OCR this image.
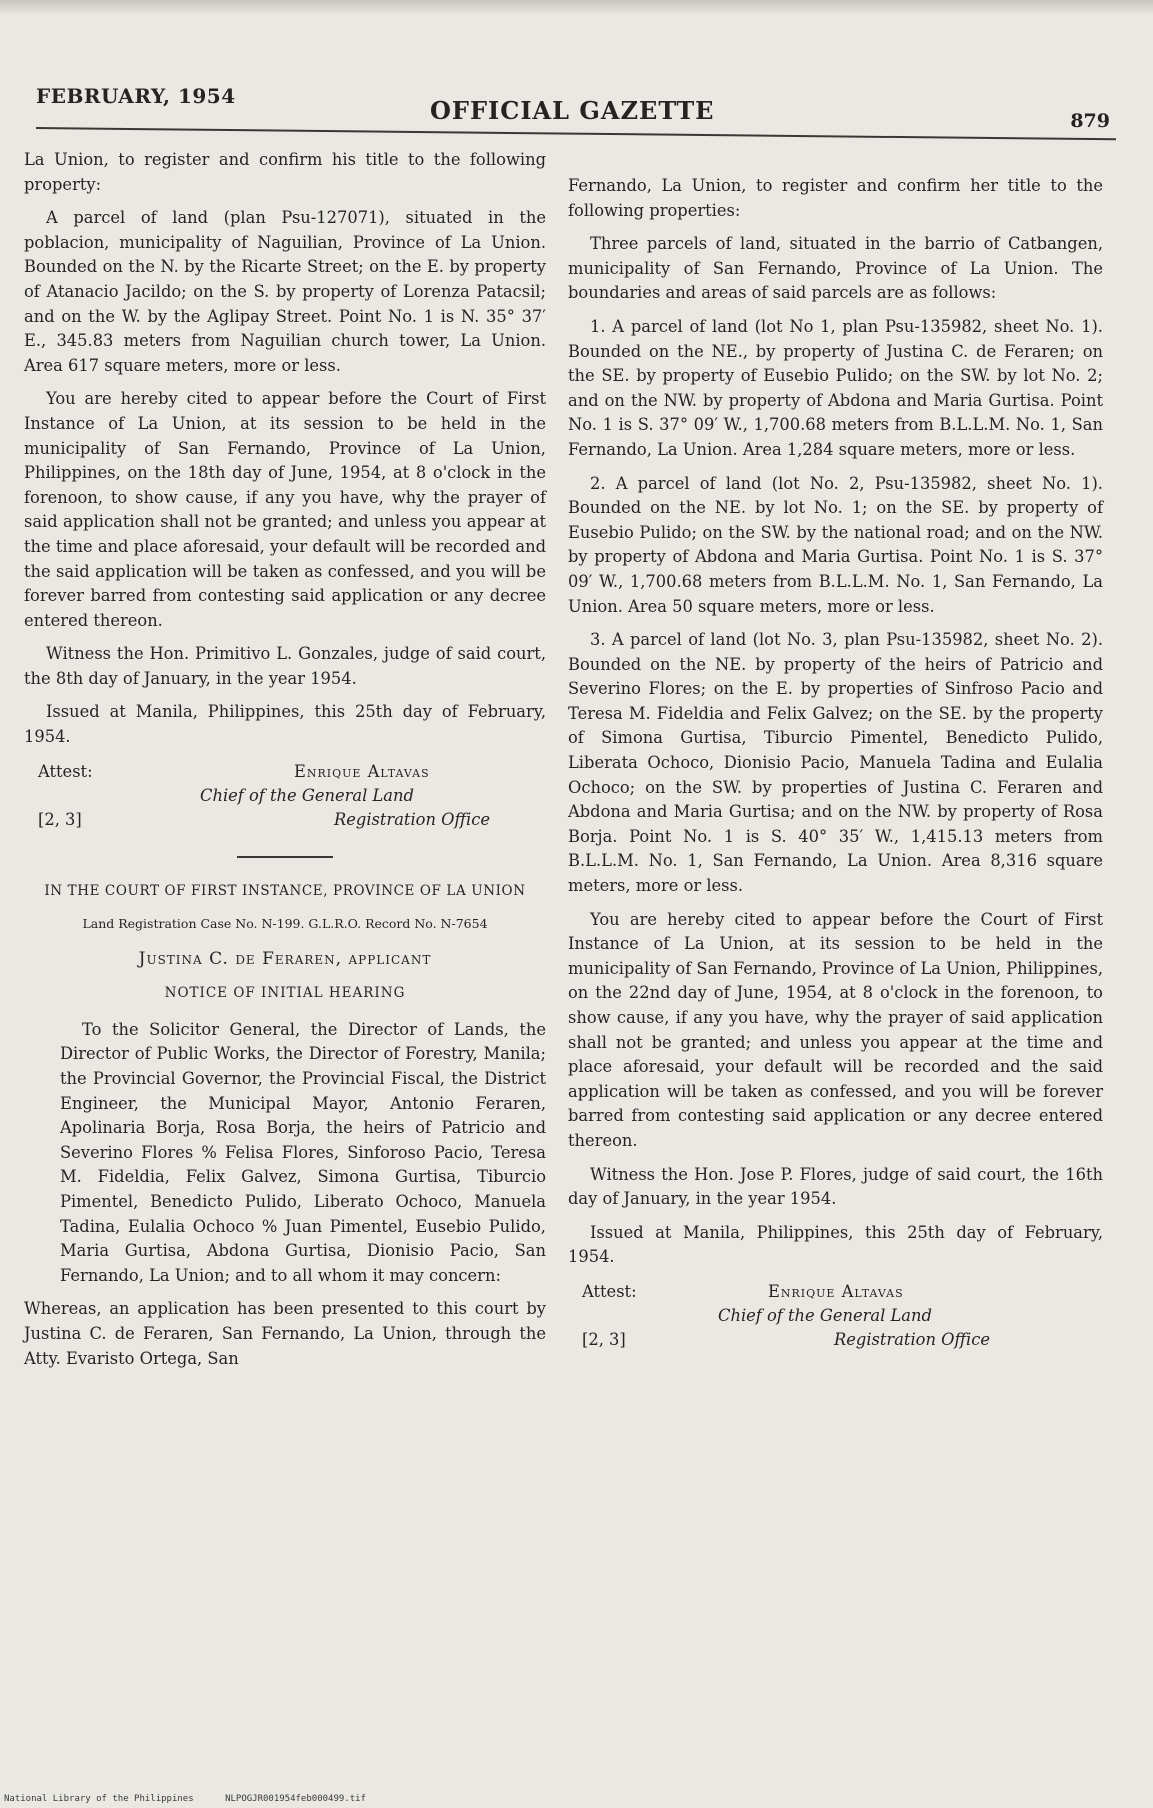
FEBRUARY, 1954	OFFICIAL GAZETTE	879

La Union, to register and confirm his title to the following property:

A parcel of land (plan Psu-127071), situated in the poblacion, municipality of Naguilian, Province of La Union. Bounded on the N. by the Ricarte Street; on the E. by property of Atanacio Jacildo; on the S. by property of Lorenza Patacsil; and on the W. by the Aglipay Street. Point No. 1 is N. 35° 37′ E., 345.83 meters from Naguilian church tower, La Union. Area 617 square meters, more or less.

You are hereby cited to appear before the Court of First Instance of La Union, at its session to be held in the municipality of San Fernando, Province of La Union, Philippines, on the 18th day of June, 1954, at 8 o'clock in the forenoon, to show cause, if any you have, why the prayer of said application shall not be granted; and unless you appear at the time and place aforesaid, your default will be recorded and the said application will be taken as confessed, and you will be forever barred from contesting said application or any decree entered thereon.

Witness the Hon. Primitivo L. Gonzales, judge of said court, the 8th day of January, in the year 1954.

Issued at Manila, Philippines, this 25th day of February, 1954.

Attest:	Enrique Altavas
Chief of the General Land
[2, 3]	Registration Office
IN THE COURT OF FIRST INSTANCE, PROVINCE OF LA UNION
Land Registration Case No. N-199. G.L.R.O. Record No. N-7654
Justina C. de Feraren, applicant
NOTICE OF INITIAL HEARING

To the Solicitor General, the Director of Lands, the Director of Public Works, the Director of Forestry, Manila; the Provincial Governor, the Provincial Fiscal, the District Engineer, the Municipal Mayor, Antonio Feraren, Apolinaria Borja, Rosa Borja, the heirs of Patricio and Severino Flores % Felisa Flores, Sinforoso Pacio, Teresa M. Fideldia, Felix Galvez, Simona Gurtisa, Tiburcio Pimentel, Benedicto Pulido, Liberato Ochoco, Manuela Tadina, Eulalia Ochoco % Juan Pimentel, Eusebio Pulido, Maria Gurtisa, Abdona Gurtisa, Dionisio Pacio, San Fernando, La Union; and to all whom it may concern:

Whereas, an application has been presented to this court by Justina C. de Feraren, San Fernando, La Union, through the Atty. Evaristo Ortega, San

Fernando, La Union, to register and confirm her title to the following properties:

Three parcels of land, situated in the barrio of Catbangen, municipality of San Fernando, Province of La Union. The boundaries and areas of said parcels are as follows:

1. A parcel of land (lot No 1, plan Psu-135982, sheet No. 1). Bounded on the NE., by property of Justina C. de Feraren; on the SE. by property of Eusebio Pulido; on the SW. by lot No. 2; and on the NW. by property of Abdona and Maria Gurtisa. Point No. 1 is S. 37° 09′ W., 1,700.68 meters from B.L.L.M. No. 1, San Fernando, La Union. Area 1,284 square meters, more or less.

2. A parcel of land (lot No. 2, Psu-135982, sheet No. 1). Bounded on the NE. by lot No. 1; on the SE. by property of Eusebio Pulido; on the SW. by the national road; and on the NW. by property of Abdona and Maria Gurtisa. Point No. 1 is S. 37° 09′ W., 1,700.68 meters from B.L.L.M. No. 1, San Fernando, La Union. Area 50 square meters, more or less.

3. A parcel of land (lot No. 3, plan Psu-135982, sheet No. 2). Bounded on the NE. by property of the heirs of Patricio and Severino Flores; on the E. by properties of Sinfroso Pacio and Teresa M. Fideldia and Felix Galvez; on the SE. by the property of Simona Gurtisa, Tiburcio Pimentel, Benedicto Pulido, Liberata Ochoco, Dionisio Pacio, Manuela Tadina and Eulalia Ochoco; on the SW. by properties of Justina C. Feraren and Abdona and Maria Gurtisa; and on the NW. by property of Rosa Borja. Point No. 1 is S. 40° 35′ W., 1,415.13 meters from B.L.L.M. No. 1, San Fernando, La Union. Area 8,316 square meters, more or less.

You are hereby cited to appear before the Court of First Instance of La Union, at its session to be held in the municipality of San Fernando, Province of La Union, Philippines, on the 22nd day of June, 1954, at 8 o'clock in the forenoon, to show cause, if any you have, why the prayer of said application shall not be granted; and unless you appear at the time and place aforesaid, your default will be recorded and the said application will be taken as confessed, and you will be forever barred from contesting said application or any decree entered thereon.

Witness the Hon. Jose P. Flores, judge of said court, the 16th day of January, in the year 1954.

Issued at Manila, Philippines, this 25th day of February, 1954.

Attest:	Enrique Altavas
Chief of the General Land
[2, 3]	Registration Office
National Library of the Philippines	NLPOGJR001954feb000499.tif
